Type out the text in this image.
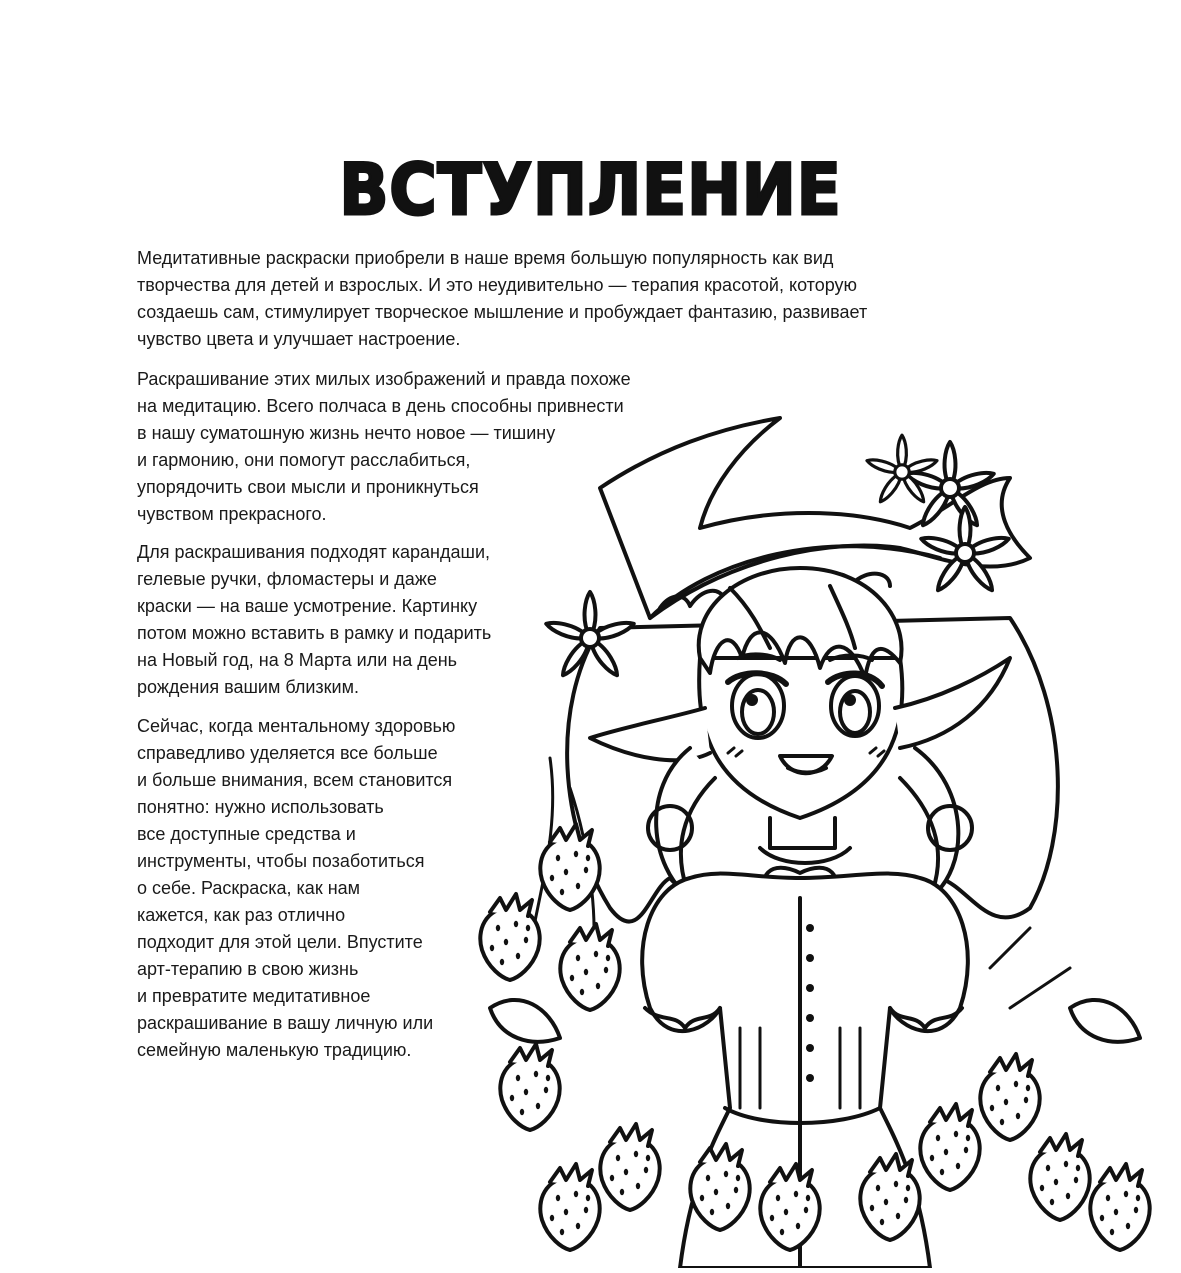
ВСТУПЛЕНИЕ
Медитативные раскраски приобрели в наше время большую популярность как вид
творчества для детей и взрослых. И это неудивительно — терапия красотой, которую
создаешь сам, стимулирует творческое мышление и пробуждает фантазию, развивает
чувство цвета и улучшает настроение.
Раскрашивание этих милых изображений и правда похоже
на медитацию. Всего полчаса в день способны привнести
в нашу суматошную жизнь нечто новое — тишину
и гармонию, они помогут расслабиться,
упорядочить свои мысли и проникнуться
чувством прекрасного.
Для раскрашивания подходят карандаши,
гелевые ручки, фломастеры и даже
краски — на ваше усмотрение. Картинку
потом можно вставить в рамку и подарить
на Новый год, на 8 Марта или на день
рождения вашим близким.
Сейчас, когда ментальному здоровью
справедливо уделяется все больше
и больше внимания, всем становится
понятно: нужно использовать
все доступные средства и
инструменты, чтобы позаботиться
о себе. Раскраска, как нам
кажется, как раз отлично
подходит для этой цели. Впустите
арт-терапию в свою жизнь
и превратите медитативное
раскрашивание в вашу личную или
семейную маленькую традицию.
